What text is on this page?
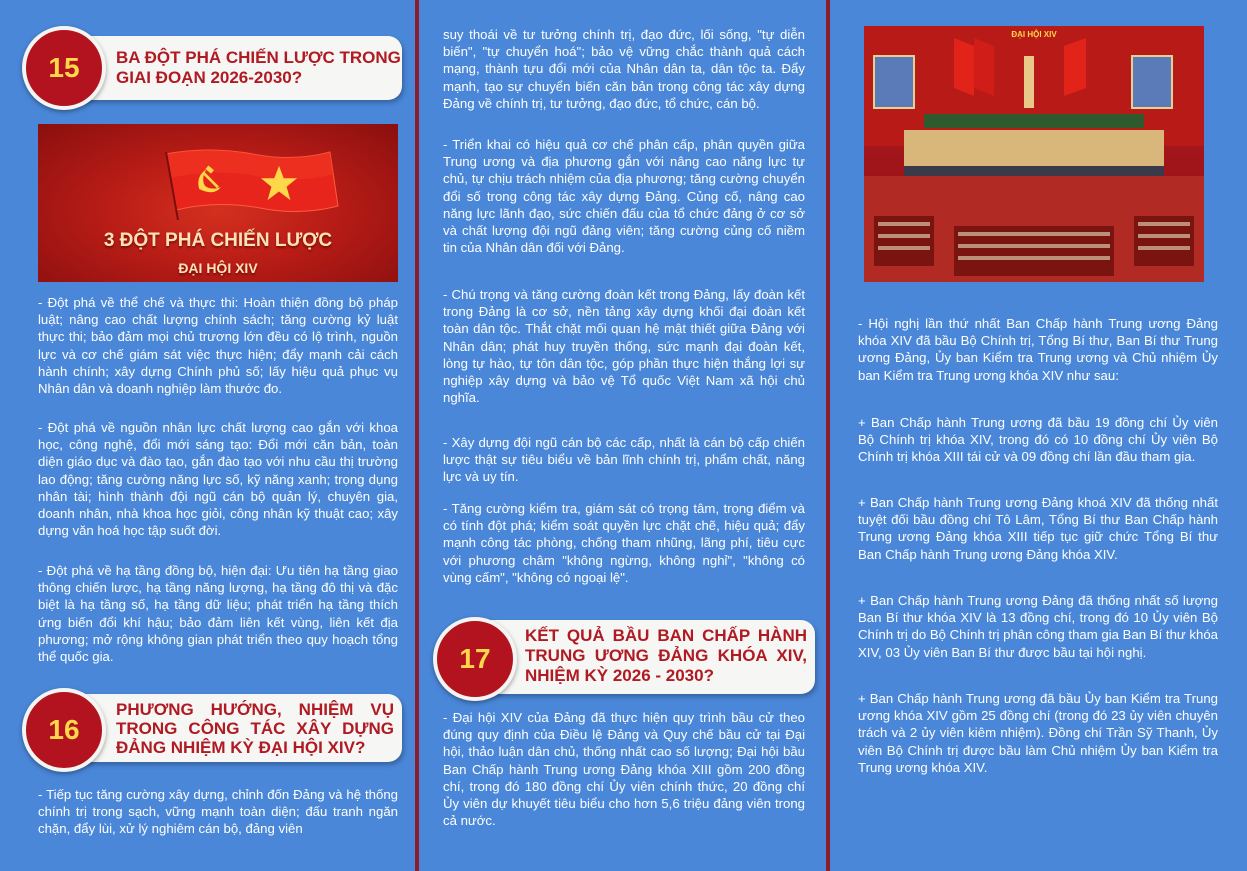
BA ĐỘT PHÁ CHIẾN LƯỢC TRONG GIAI ĐOẠN 2026-2030?
15
3 ĐỘT PHÁ CHIẾN LƯỢC
ĐẠI HỘI XIV

- Đột phá về thể chế và thực thi: Hoàn thiện đồng bộ pháp luật; nâng cao chất lượng chính sách; tăng cường kỷ luật thực thi; bảo đảm mọi chủ trương lớn đều có lộ trình, nguồn lực và cơ chế giám sát việc thực hiện; đẩy mạnh cải cách hành chính; xây dựng Chính phủ số; lấy hiệu quả phục vụ Nhân dân và doanh nghiệp làm thước đo.

- Đột phá về nguồn nhân lực chất lượng cao gắn với khoa học, công nghệ, đổi mới sáng tạo: Đổi mới căn bản, toàn diện giáo dục và đào tạo, gắn đào tạo với nhu cầu thị trường lao động; tăng cường năng lực số, kỹ năng xanh; trọng dụng nhân tài; hình thành đội ngũ cán bộ quản lý, chuyên gia, doanh nhân, nhà khoa học giỏi, công nhân kỹ thuật cao; xây dựng văn hoá học tập suốt đời.

- Đột phá về hạ tầng đồng bộ, hiện đại: Ưu tiên hạ tầng giao thông chiến lược, hạ tầng năng lượng, hạ tầng đô thị và đặc biệt là hạ tầng số, hạ tầng dữ liệu; phát triển hạ tầng thích ứng biến đổi khí hậu; bảo đảm liên kết vùng, liên kết địa phương; mở rộng không gian phát triển theo quy hoạch tổng thể quốc gia.

PHƯƠNG HƯỚNG, NHIỆM VỤ TRONG CÔNG TÁC XÂY DỰNG ĐẢNG NHIỆM KỲ ĐẠI HỘI XIV?
16

- Tiếp tục tăng cường xây dựng, chỉnh đốn Đảng và hệ thống chính trị trong sạch, vững mạnh toàn diện; đấu tranh ngăn chặn, đẩy lùi, xử lý nghiêm cán bộ, đảng viên

suy thoái về tư tưởng chính trị, đạo đức, lối sống, "tự diễn biến", "tự chuyển hoá"; bảo vệ vững chắc thành quả cách mạng, thành tựu đổi mới của Nhân dân ta, dân tộc ta. Đẩy mạnh, tạo sự chuyển biến căn bản trong công tác xây dựng Đảng về chính trị, tư tưởng, đạo đức, tổ chức, cán bộ.

- Triển khai có hiệu quả cơ chế phân cấp, phân quyền giữa Trung ương và địa phương gắn với nâng cao năng lực tự chủ, tự chịu trách nhiệm của địa phương; tăng cường chuyển đổi số trong công tác xây dựng Đảng. Củng cố, nâng cao năng lực lãnh đạo, sức chiến đấu của tổ chức đảng ở cơ sở và chất lượng đội ngũ đảng viên; tăng cường củng cố niềm tin của Nhân dân đối với Đảng.

- Chú trọng và tăng cường đoàn kết trong Đảng, lấy đoàn kết trong Đảng là cơ sở, nền tảng xây dựng khối đại đoàn kết toàn dân tộc. Thắt chặt mối quan hệ mật thiết giữa Đảng với Nhân dân; phát huy truyền thống, sức mạnh đại đoàn kết, lòng tự hào, tự tôn dân tộc, góp phần thực hiện thắng lợi sự nghiệp xây dựng và bảo vệ Tổ quốc Việt Nam xã hội chủ nghĩa.

- Xây dựng đội ngũ cán bộ các cấp, nhất là cán bộ cấp chiến lược thật sự tiêu biểu về bản lĩnh chính trị, phẩm chất, năng lực và uy tín.

- Tăng cường kiểm tra, giám sát có trọng tâm, trọng điểm và có tính đột phá; kiểm soát quyền lực chặt chẽ, hiệu quả; đẩy mạnh công tác phòng, chống tham nhũng, lãng phí, tiêu cực với phương châm "không ngừng, không nghỉ", "không có vùng cấm", "không có ngoại lệ".

KẾT QUẢ BẦU BAN CHẤP HÀNH TRUNG ƯƠNG ĐẢNG KHÓA XIV, NHIỆM KỲ 2026 - 2030?
17

- Đại hội XIV của Đảng đã thực hiện quy trình bầu cử theo đúng quy định của Điều lệ Đảng và Quy chế bầu cử tại Đại hội, thảo luận dân chủ, thống nhất cao số lượng; Đại hội bầu Ban Chấp hành Trung ương Đảng khóa XIII gồm 200 đồng chí, trong đó 180 đồng chí Ủy viên chính thức, 20 đồng chí Ủy viên dự khuyết tiêu biểu cho hơn 5,6 triệu đảng viên trong cả nước.

ĐẠI HỘI XIV

- Hội nghị lần thứ nhất Ban Chấp hành Trung ương Đảng khóa XIV đã bầu Bộ Chính trị, Tổng Bí thư, Ban Bí thư Trung ương Đảng, Ủy ban Kiểm tra Trung ương và Chủ nhiệm Ủy ban Kiểm tra Trung ương khóa XIV như sau:

+ Ban Chấp hành Trung ương đã bầu 19 đồng chí Ủy viên Bộ Chính trị khóa XIV, trong đó có 10 đồng chí Ủy viên Bộ Chính trị khóa XIII tái cử và 09 đồng chí lần đầu tham gia.

+ Ban Chấp hành Trung ương Đảng khoá XIV đã thống nhất tuyệt đối bầu đồng chí Tô Lâm, Tổng Bí thư Ban Chấp hành Trung ương Đảng khóa XIII tiếp tục giữ chức Tổng Bí thư Ban Chấp hành Trung ương Đảng khóa XIV.

+ Ban Chấp hành Trung ương Đảng đã thống nhất số lượng Ban Bí thư khóa XIV là 13 đồng chí, trong đó 10 Ủy viên Bộ Chính trị do Bộ Chính trị phân công tham gia Ban Bí thư khóa XIV, 03 Ủy viên Ban Bí thư được bầu tại hội nghị.

+ Ban Chấp hành Trung ương đã bầu Ủy ban Kiểm tra Trung ương khóa XIV gồm 25 đồng chí (trong đó 23 ủy viên chuyên trách và 2 ủy viên kiêm nhiệm). Đồng chí Trần Sỹ Thanh, Ủy viên Bộ Chính trị được bầu làm Chủ nhiệm Ủy ban Kiểm tra Trung ương khóa XIV.
